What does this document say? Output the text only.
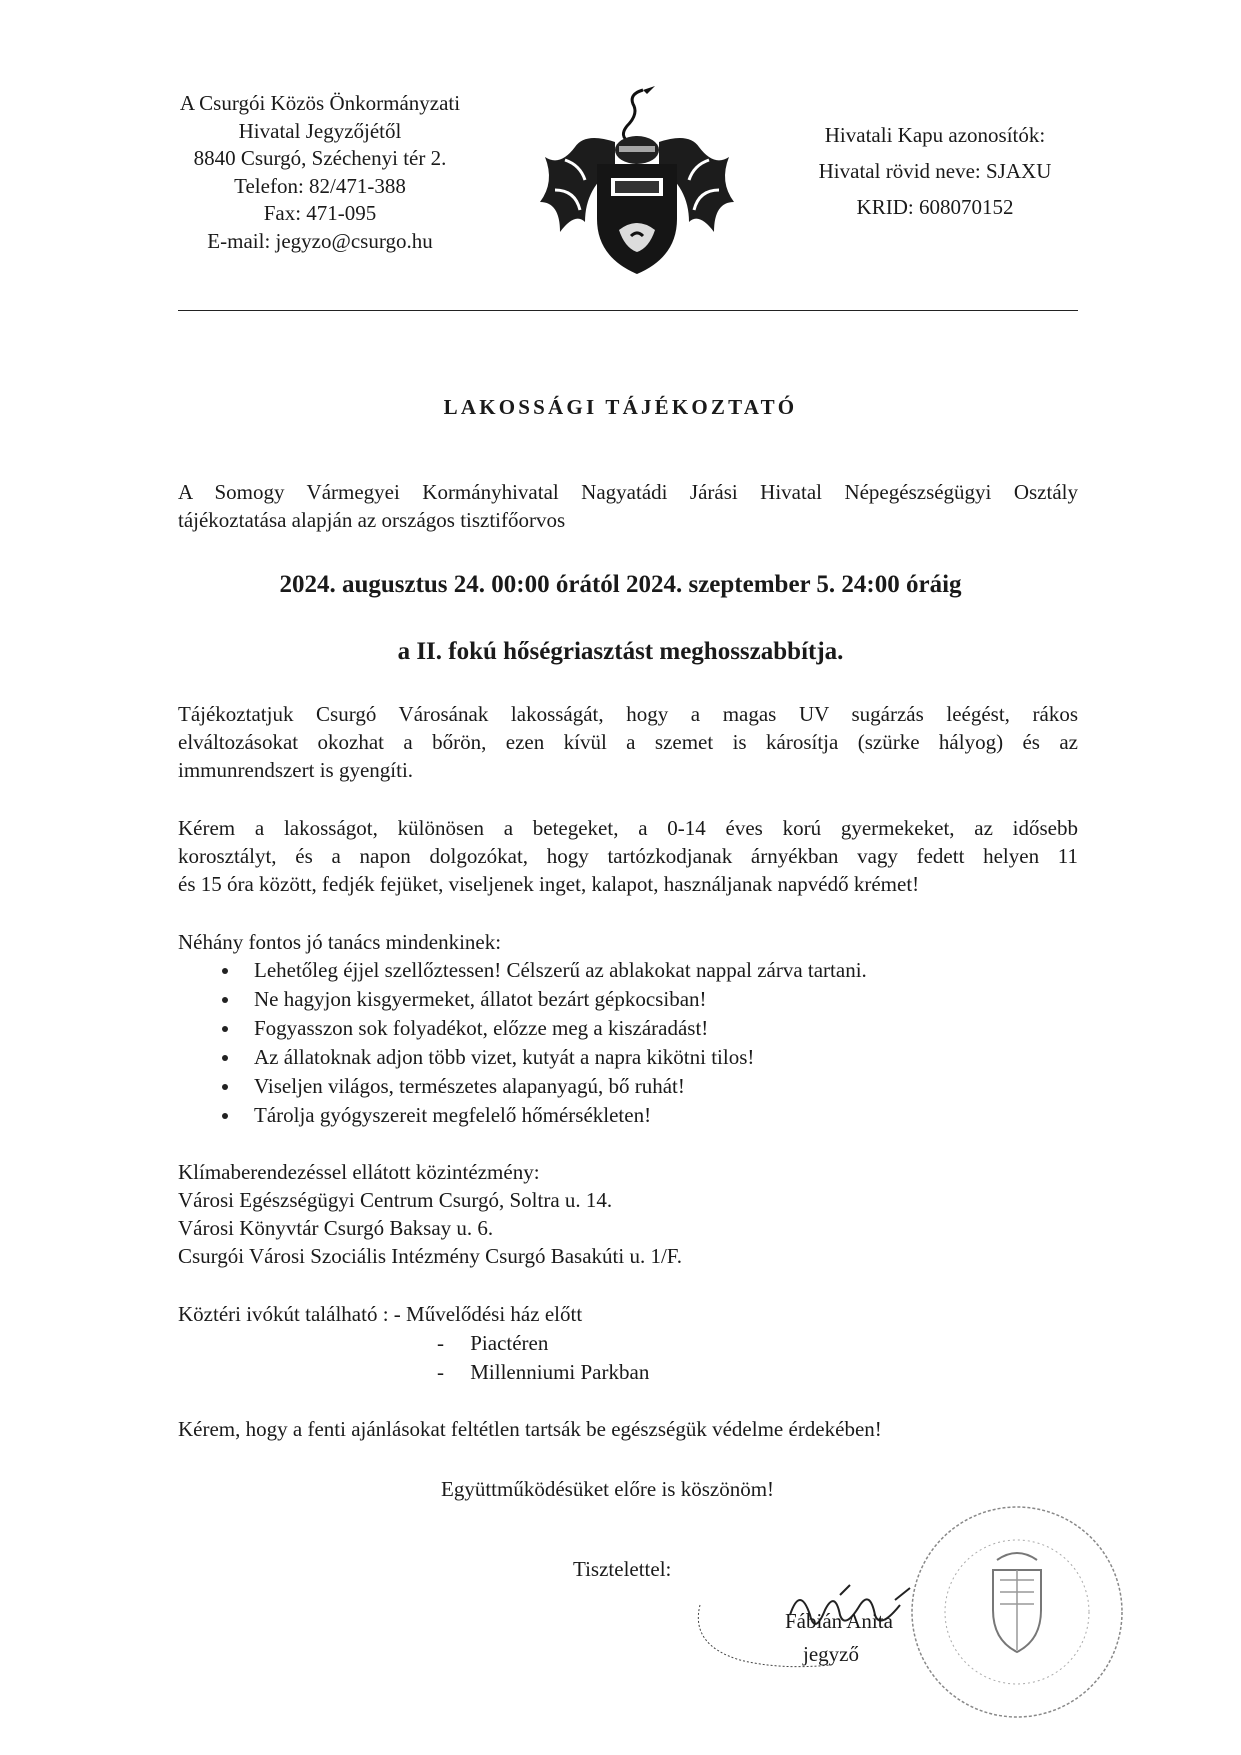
A Csurgói Közös Önkormányzati
Hivatal Jegyzőjétől
8840 Csurgó, Széchenyi tér 2.
Telefon: 82/471-388
Fax: 471-095
E-mail: jegyzo@csurgo.hu
Hivatali Kapu azonosítók:
Hivatal rövid neve: SJAXU
KRID: 608070152
LAKOSSÁGI TÁJÉKOZTATÓ
A Somogy Vármegyei Kormányhivatal Nagyatádi Járási Hivatal Népegészségügyi Osztály
tájékoztatása alapján az országos tisztifőorvos
2024. augusztus 24. 00:00 órától 2024. szeptember 5. 24:00 óráig
a II. fokú hőségriasztást meghosszabbítja.
Tájékoztatjuk Csurgó Városának lakosságát, hogy a magas UV sugárzás leégést, rákos
elváltozásokat okozhat a bőrön, ezen kívül a szemet is károsítja (szürke hályog) és az
immunrendszert is gyengíti.
Kérem a lakosságot, különösen a betegeket, a 0-14 éves korú gyermekeket, az idősebb
korosztályt, és a napon dolgozókat, hogy tartózkodjanak árnyékban vagy fedett helyen 11
és 15 óra között, fedjék fejüket, viseljenek inget, kalapot, használjanak napvédő krémet!
Néhány fontos jó tanács mindenkinek:
Lehetőleg éjjel szellőztessen! Célszerű az ablakokat nappal zárva tartani.
Ne hagyjon kisgyermeket, állatot bezárt gépkocsiban!
Fogyasszon sok folyadékot, előzze meg a kiszáradást!
Az állatoknak adjon több vizet, kutyát a napra kikötni tilos!
Viseljen világos, természetes alapanyagú, bő ruhát!
Tárolja gyógyszereit megfelelő hőmérsékleten!
Klímaberendezéssel ellátott közintézmény:
Városi Egészségügyi Centrum Csurgó, Soltra u. 14.
Városi Könyvtár Csurgó Baksay u. 6.
Csurgói Városi Szociális Intézmény Csurgó Basakúti u. 1/F.
Köztéri ivókút található : - Művelődési ház előtt
-     Piactéren
-     Millenniumi Parkban
Kérem, hogy a fenti ajánlásokat feltétlen tartsák be egészségük védelme érdekében!
Együttműködésüket előre is köszönöm!
Tisztelettel:
Fábián Anita
jegyző
